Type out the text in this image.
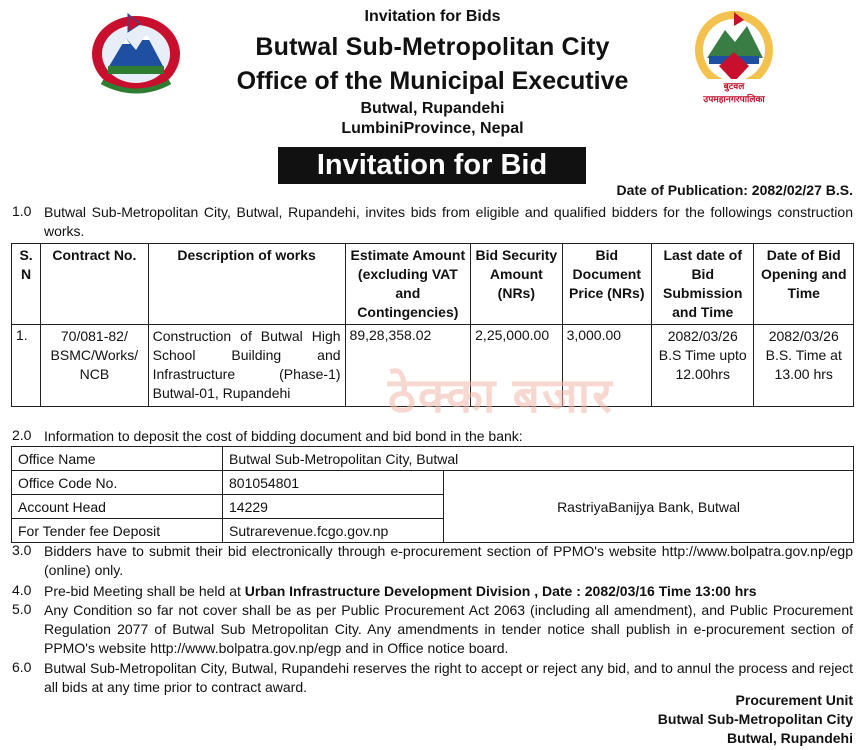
बुटवल उपमहानगरपालिका
Invitation for Bids
Butwal Sub-Metropolitan City
Office of the Municipal Executive
Butwal, Rupandehi
LumbiniProvince, Nepal
Invitation for Bid
Date of Publication: 2082/02/27 B.S.
1.0 Butwal Sub-Metropolitan City, Butwal, Rupandehi, invites bids from eligible and qualified bidders for the followings construction works.
S. N	Contract No.	Description of works	Estimate Amount (excluding VAT and Contingencies)	Bid Security Amount (NRs)	Bid Document Price (NRs)	Last date of Bid Submission and Time	Date of Bid Opening and Time
1.	70/081-82/ BSMC/Works/ NCB	Construction of Butwal High School Building and Infrastructure (Phase-1) Butwal-01, Rupandehi	89,28,358.02	2,25,000.00	3,000.00	2082/03/26 B.S Time upto 12.00hrs	2082/03/26 B.S. Time at 13.00 hrs
ठेक्का बजार
2.0 Information to deposit the cost of bidding document and bid bond in the bank:
Office Name	Butwal Sub-Metropolitan City, Butwal	
Office Code No.	801054801	RastriyaBanijya Bank, Butwal
Account Head	14229	
For Tender fee Deposit	Sutrarevenue.fcgo.gov.np	
3.0 Bidders have to submit their bid electronically through e-procurement section of PPMO's website http://www.bolpatra.gov.np/egp (online) only.
4.0 Pre-bid Meeting shall be held at Urban Infrastructure Development Division , Date : 2082/03/16 Time 13:00 hrs
5.0 Any Condition so far not cover shall be as per Public Procurement Act 2063 (including all amendment), and Public Procurement Regulation 2077 of Butwal Sub Metropolitan City. Any amendments in tender notice shall publish in e-procurement section of PPMO's website http://www.bolpatra.gov.np/egp and in Office notice board.
6.0 Butwal Sub-Metropolitan City, Butwal, Rupandehi reserves the right to accept or reject any bid, and to annul the process and reject all bids at any time prior to contract award.
Procurement Unit
Butwal Sub-Metropolitan City
Butwal, Rupandehi
